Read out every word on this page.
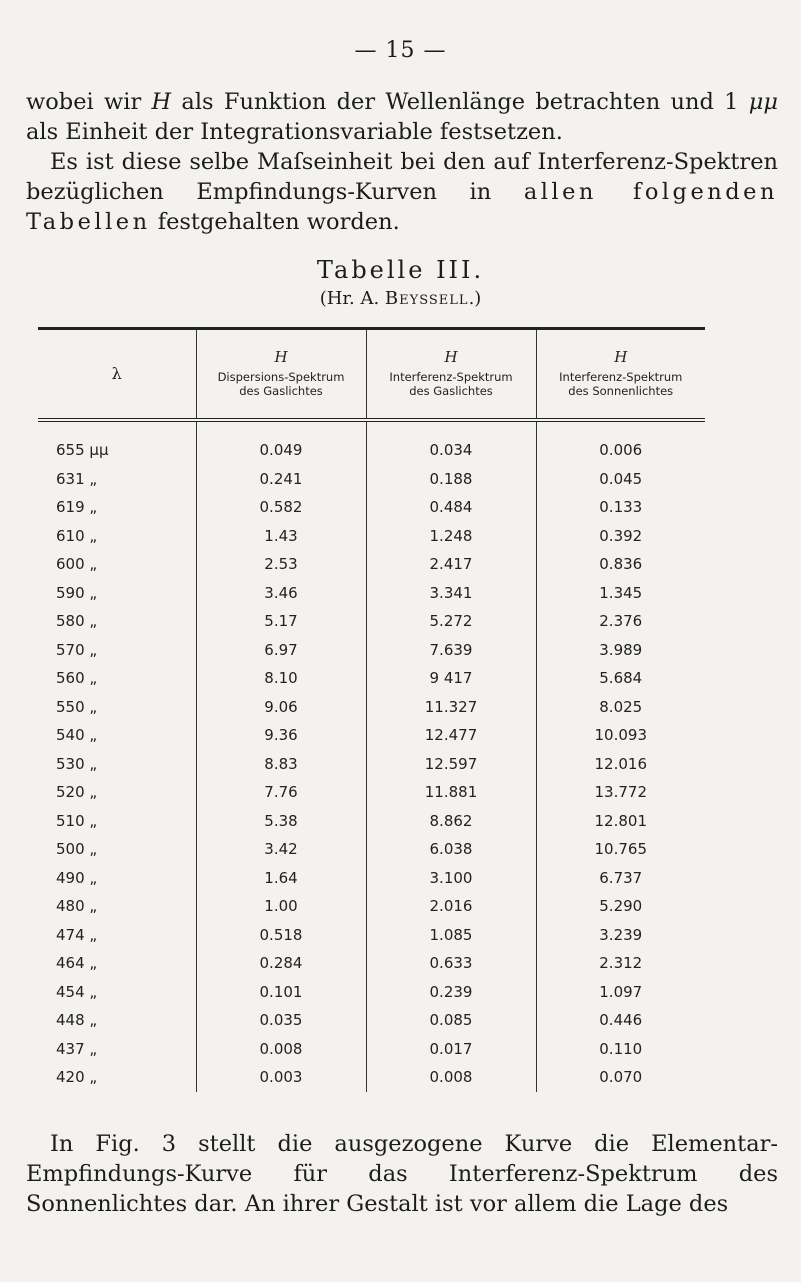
— 15 —

wobei wir H als Funktion der Wellenlänge betrachten und 1 μμ als Einheit der Integrationsvariable festsetzen.

Es ist diese selbe Maſseinheit bei den auf Interferenz-Spektren bezüglichen Empfindungs-Kurven in allen folgenden Tabellen festgehalten worden.

Tabelle III.
(Hr. A. Beyssell.)
λ	H
Dispersions-Spektrum
des Gaslichtes	H
Interferenz-Spektrum
des Gaslichtes	H
Interferenz-Spektrum
des Sonnenlichtes
655 μμ	0.049	0.034	0.006
631 „	0.241	0.188	0.045
619 „	0.582	0.484	0.133
610 „	1.43	1.248	0.392
600 „	2.53	2.417	0.836
590 „	3.46	3.341	1.345
580 „	5.17	5.272	2.376
570 „	6.97	7.639	3.989
560 „	8.10	9 417	5.684
550 „	9.06	11.327	8.025
540 „	9.36	12.477	10.093
530 „	8.83	12.597	12.016
520 „	7.76	11.881	13.772
510 „	5.38	8.862	12.801
500 „	3.42	6.038	10.765
490 „	1.64	3.100	6.737
480 „	1.00	2.016	5.290
474 „	0.518	1.085	3.239
464 „	0.284	0.633	2.312
454 „	0.101	0.239	1.097
448 „	0.035	0.085	0.446
437 „	0.008	0.017	0.110
420 „	0.003	0.008	0.070

In Fig. 3 stellt die ausgezogene Kurve die Elementar-Empfindungs-Kurve für das Interferenz-Spektrum des Sonnenlichtes dar. An ihrer Gestalt ist vor allem die Lage des
